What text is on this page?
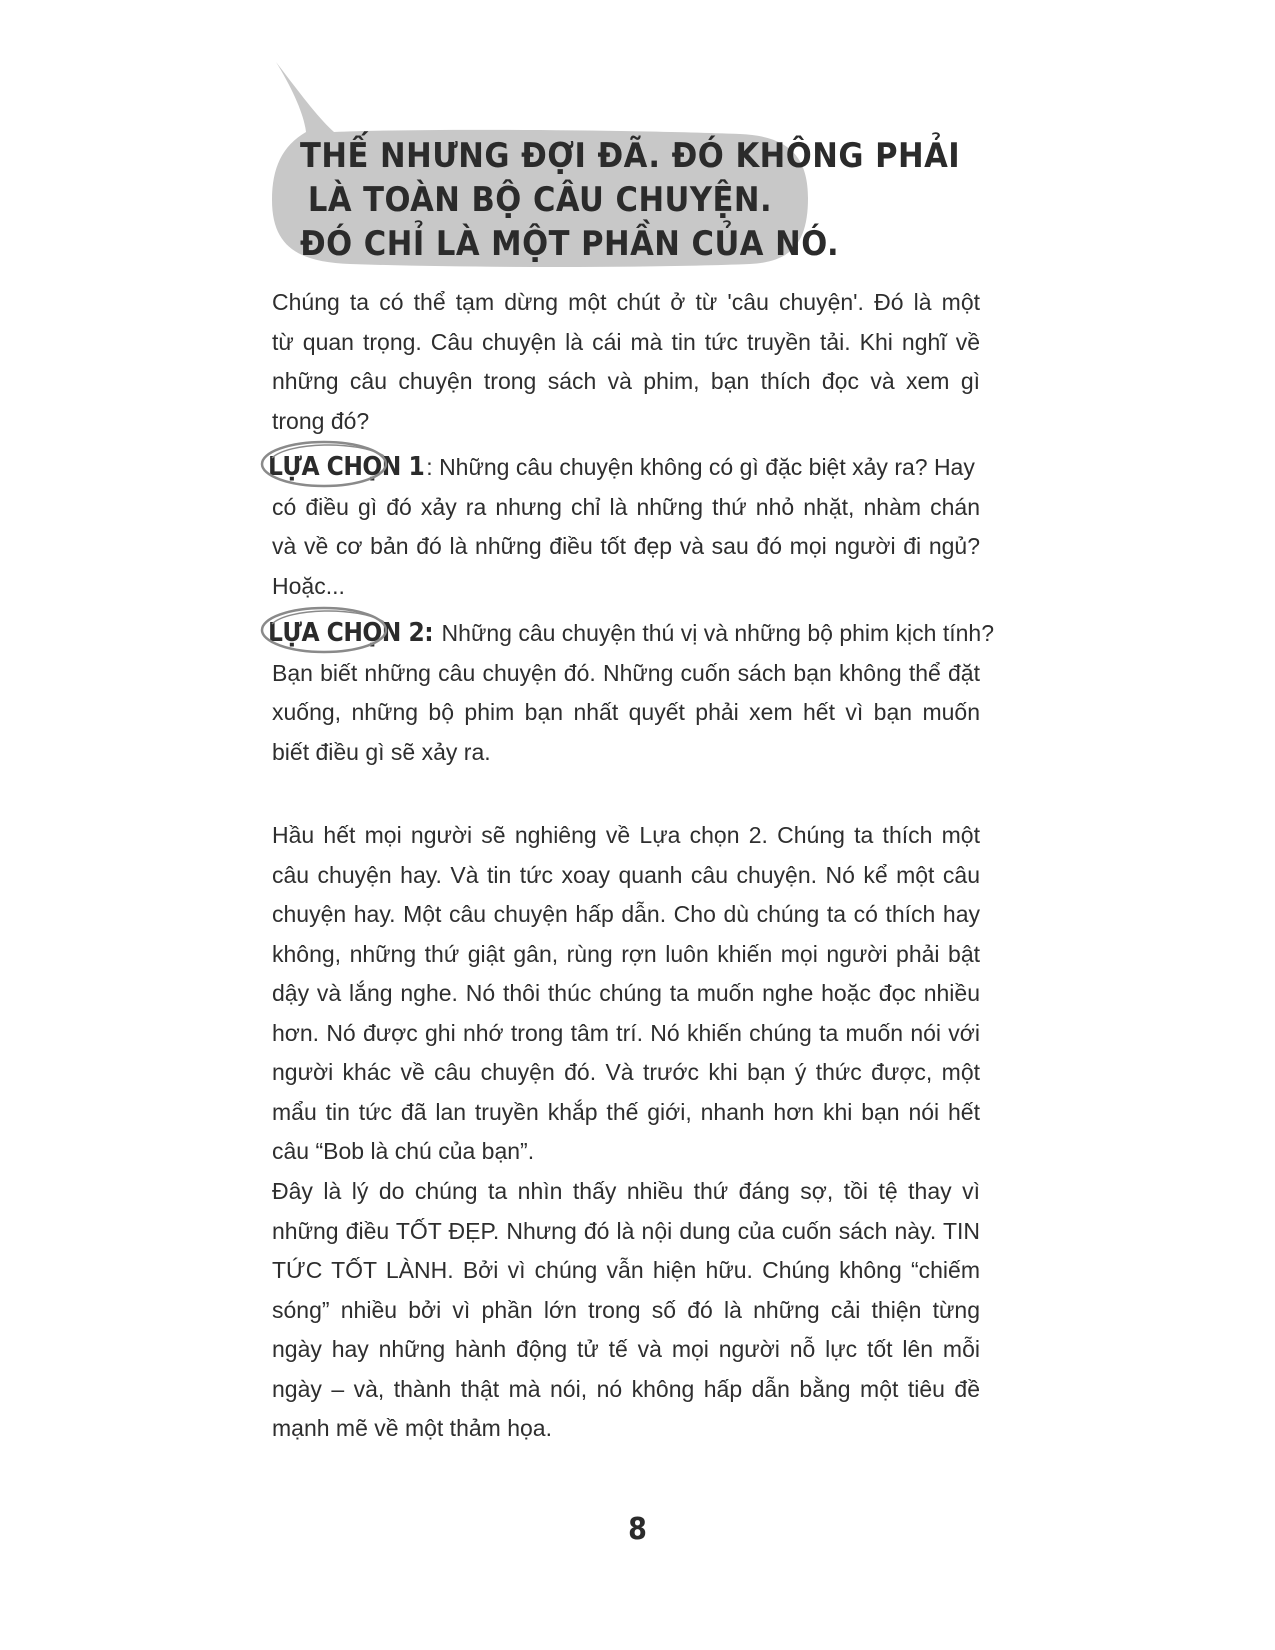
THẾ NHƯNG ĐỢI ĐÃ. ĐÓ KHÔNG PHẢI
LÀ TOÀN BỘ CÂU CHUYỆN.
ĐÓ CHỈ LÀ MỘT PHẦN CỦA NÓ.

Chúng ta có thể tạm dừng một chút ở từ 'câu chuyện'. Đó là một
từ quan trọng. Câu chuyện là cái mà tin tức truyền tải. Khi nghĩ về
những câu chuyện trong sách và phim, bạn thích đọc và xem gì
trong đó?

LỰA CHỌN 1: Những câu chuyện không có gì đặc biệt xảy ra? Hay
có điều gì đó xảy ra nhưng chỉ là những thứ nhỏ nhặt, nhàm chán
và về cơ bản đó là những điều tốt đẹp và sau đó mọi người đi ngủ?
Hoặc...

LỰA CHỌN 2: Những câu chuyện thú vị và những bộ phim kịch tính?
Bạn biết những câu chuyện đó. Những cuốn sách bạn không thể đặt
xuống, những bộ phim bạn nhất quyết phải xem hết vì bạn muốn
biết điều gì sẽ xảy ra.

Hầu hết mọi người sẽ nghiêng về Lựa chọn 2. Chúng ta thích một
câu chuyện hay. Và tin tức xoay quanh câu chuyện. Nó kể một câu
chuyện hay. Một câu chuyện hấp dẫn. Cho dù chúng ta có thích hay
không, những thứ giật gân, rùng rợn luôn khiến mọi người phải bật
dậy và lắng nghe. Nó thôi thúc chúng ta muốn nghe hoặc đọc nhiều
hơn. Nó được ghi nhớ trong tâm trí. Nó khiến chúng ta muốn nói với
người khác về câu chuyện đó. Và trước khi bạn ý thức được, một
mẩu tin tức đã lan truyền khắp thế giới, nhanh hơn khi bạn nói hết
câu “Bob là chú của bạn”.

Đây là lý do chúng ta nhìn thấy nhiều thứ đáng sợ, tồi tệ thay vì
những điều TỐT ĐẸP. Nhưng đó là nội dung của cuốn sách này. TIN
TỨC TỐT LÀNH. Bởi vì chúng vẫn hiện hữu. Chúng không “chiếm
sóng” nhiều bởi vì phần lớn trong số đó là những cải thiện từng
ngày hay những hành động tử tế và mọi người nỗ lực tốt lên mỗi
ngày – và, thành thật mà nói, nó không hấp dẫn bằng một tiêu đề
mạnh mẽ về một thảm họa.

8
